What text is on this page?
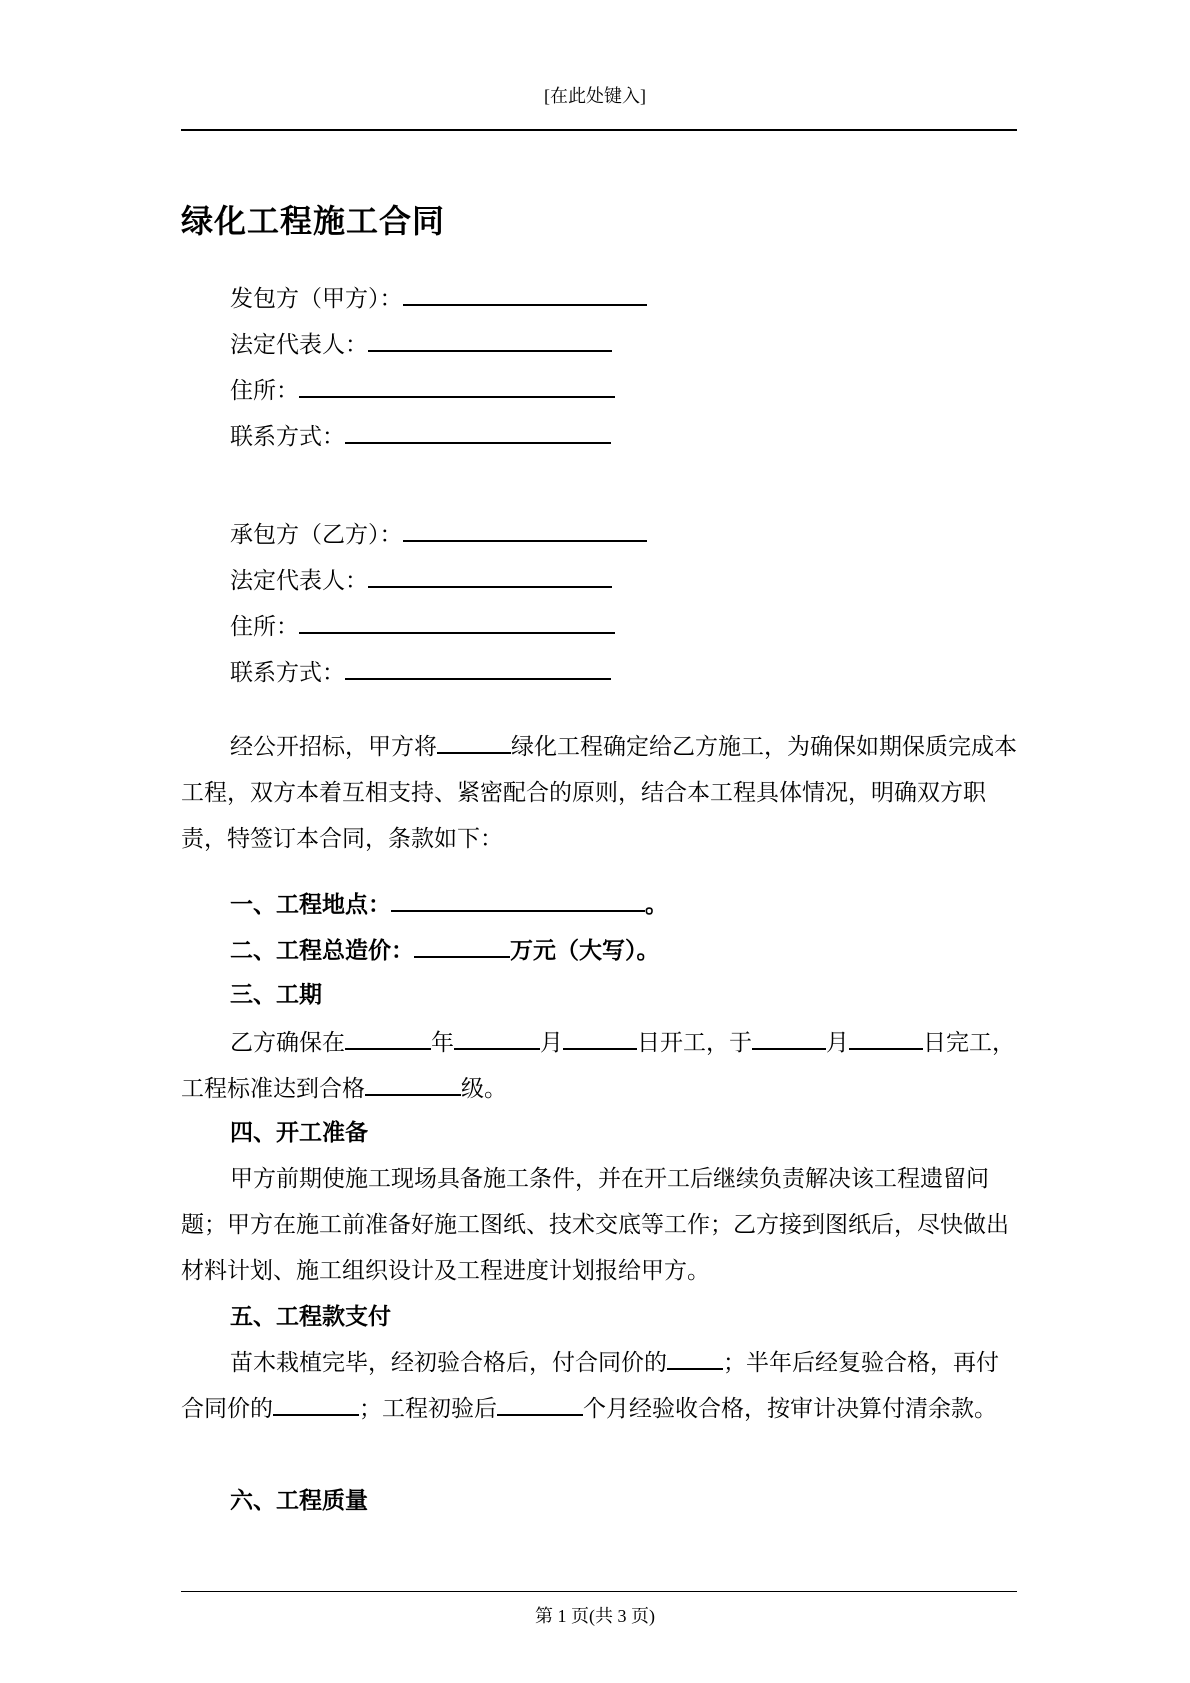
[在此处键入]
绿化工程施工合同
发包方（甲方）：
法定代表人：
住所：
联系方式：
承包方（乙方）：
法定代表人：
住所：
联系方式：
经公开招标，甲方将	绿化工程确定给乙方施工，为确保如期保质完成本工程，双方本着互相支持、紧密配合的原则，结合本工程具体情况，明确双方职责，特签订本合同，条款如下：
一、工程地点：	。
二、工程总造价：	万元（大写）。
三、工期
乙方确保在	年	月	日开工，于	月	日完工，
工程标准达到合格	级。
四、开工准备
甲方前期使施工现场具备施工条件，并在开工后继续负责解决该工程遗留问题；甲方在施工前准备好施工图纸、技术交底等工作；乙方接到图纸后，尽快做出材料计划、施工组织设计及工程进度计划报给甲方。
五、工程款支付
苗木栽植完毕，经初验合格后，付合同价的 ；半年后经复验合格，再付合同价的	；工程初验后	个月经验收合格，按审计决算付清余款。
六、工程质量
第 1 页(共 3 页)
